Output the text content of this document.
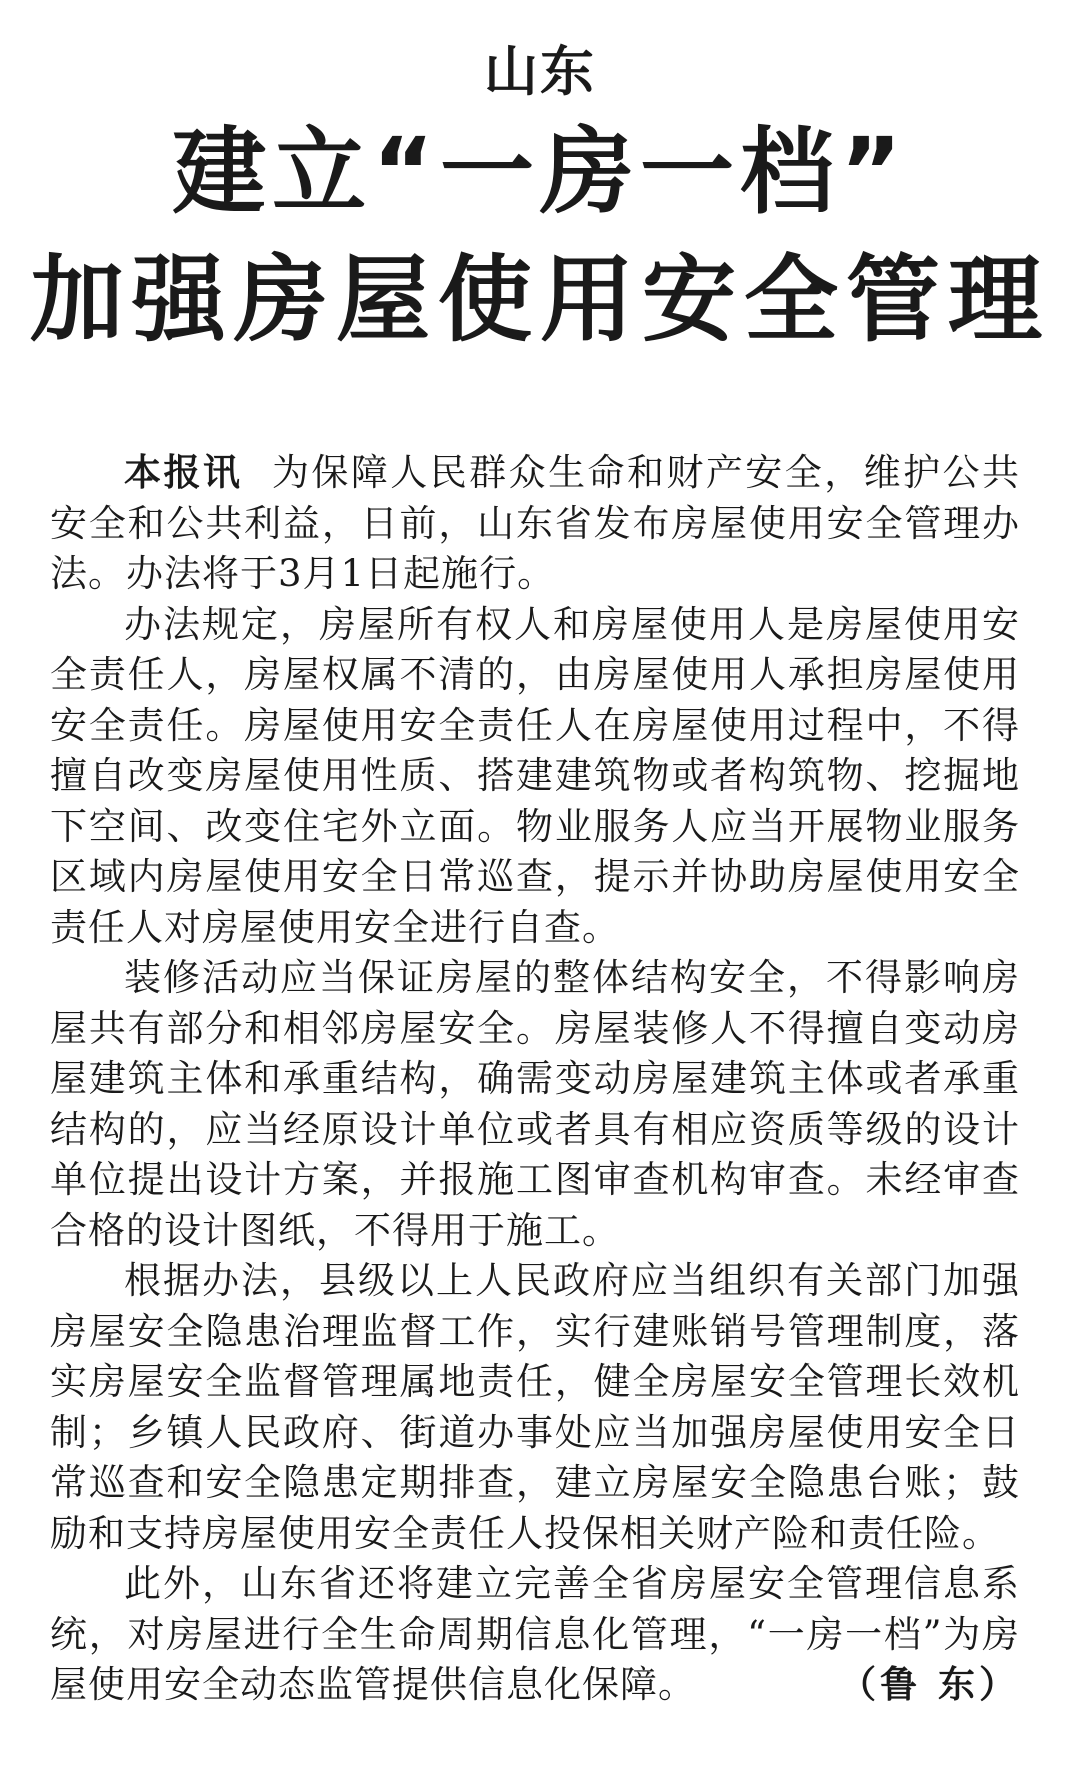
山东
建立“一房一档”
加强房屋使用安全管理

本报讯 为保障人民群众生命和财产安全，维护公共安全和公共利益，日前，山东省发布房屋使用安全管理办法。办法将于3月1日起施行。

办法规定，房屋所有权人和房屋使用人是房屋使用安全责任人，房屋权属不清的，由房屋使用人承担房屋使用安全责任。房屋使用安全责任人在房屋使用过程中，不得擅自改变房屋使用性质、搭建建筑物或者构筑物、挖掘地下空间、改变住宅外立面。物业服务人应当开展物业服务区域内房屋使用安全日常巡查，提示并协助房屋使用安全责任人对房屋使用安全进行自查。

装修活动应当保证房屋的整体结构安全，不得影响房屋共有部分和相邻房屋安全。房屋装修人不得擅自变动房屋建筑主体和承重结构，确需变动房屋建筑主体或者承重结构的，应当经原设计单位或者具有相应资质等级的设计单位提出设计方案，并报施工图审查机构审查。未经审查合格的设计图纸，不得用于施工。

根据办法，县级以上人民政府应当组织有关部门加强房屋安全隐患治理监督工作，实行建账销号管理制度，落实房屋安全监督管理属地责任，健全房屋安全管理长效机制；乡镇人民政府、街道办事处应当加强房屋使用安全日常巡查和安全隐患定期排查，建立房屋安全隐患台账；鼓励和支持房屋使用安全责任人投保相关财产险和责任险。

此外，山东省还将建立完善全省房屋安全管理信息系统，对房屋进行全生命周期信息化管理，“一房一档”为房屋使用安全动态监管提供信息化保障。	（鲁 东）
